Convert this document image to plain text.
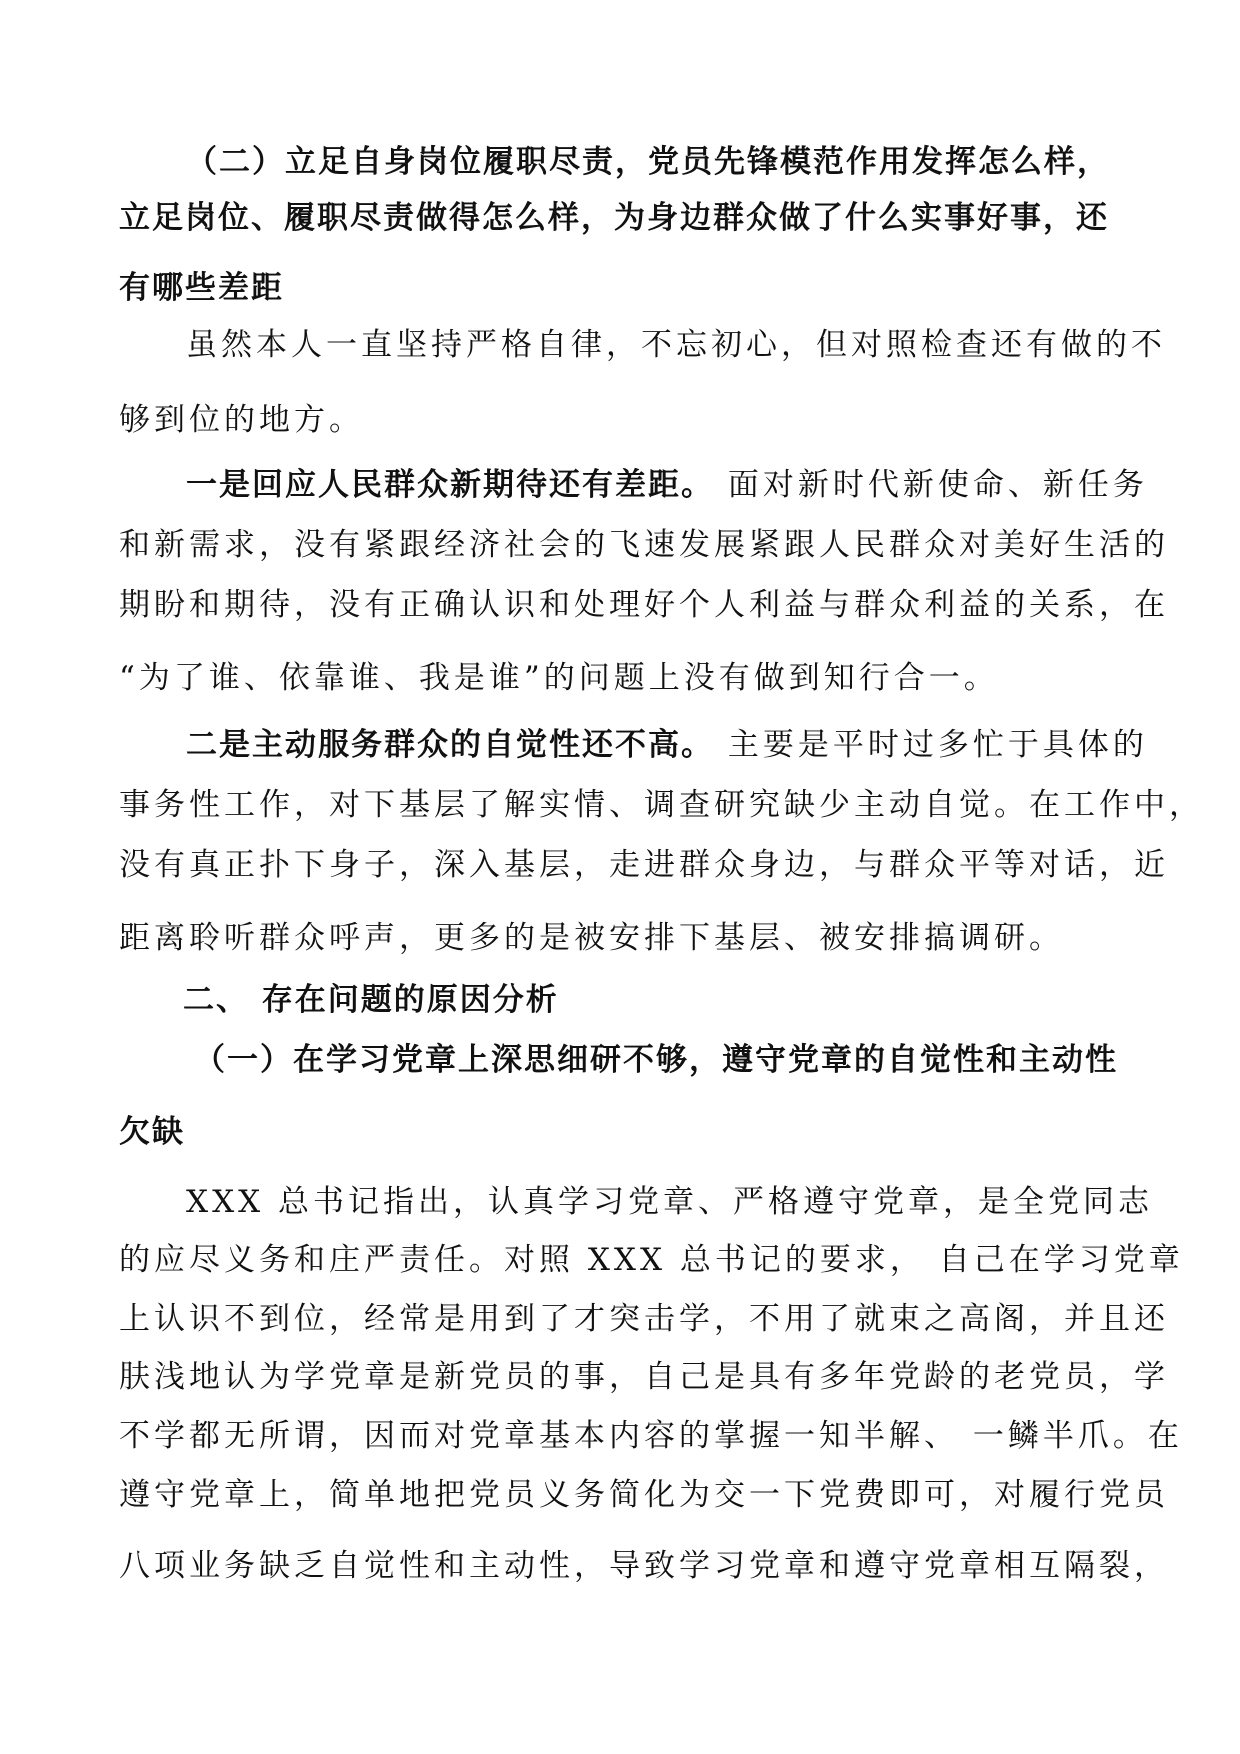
（二）立足自身岗位履职尽责，党员先锋模范作用发挥怎么样，
立足岗位、履职尽责做得怎么样，为身边群众做了什么实事好事，还
有哪些差距
虽然本人一直坚持严格自律，不忘初心，但对照检查还有做的不
够到位的地方。
一是回应人民群众新期待还有差距。 面对新时代新使命、新任务
和新需求，没有紧跟经济社会的飞速发展紧跟人民群众对美好生活的
期盼和期待，没有正确认识和处理好个人利益与群众利益的关系，在
“为了谁、依靠谁、我是谁”的问题上没有做到知行合一。
二是主动服务群众的自觉性还不高。 主要是平时过多忙于具体的
事务性工作，对下基层了解实情、调查研究缺少主动自觉。在工作中，
没有真正扑下身子，深入基层，走进群众身边，与群众平等对话，近
距离聆听群众呼声，更多的是被安排下基层、被安排搞调研。
二、 存在问题的原因分析
（一）在学习党章上深思细研不够，遵守党章的自觉性和主动性
欠缺
XXX 总书记指出，认真学习党章、严格遵守党章，是全党同志
的应尽义务和庄严责任。对照 XXX 总书记的要求， 自己在学习党章
上认识不到位，经常是用到了才突击学，不用了就束之高阁，并且还
肤浅地认为学党章是新党员的事，自己是具有多年党龄的老党员，学
不学都无所谓，因而对党章基本内容的掌握一知半解、 一鳞半爪。在
遵守党章上，简单地把党员义务简化为交一下党费即可，对履行党员
八项业务缺乏自觉性和主动性，导致学习党章和遵守党章相互隔裂，
